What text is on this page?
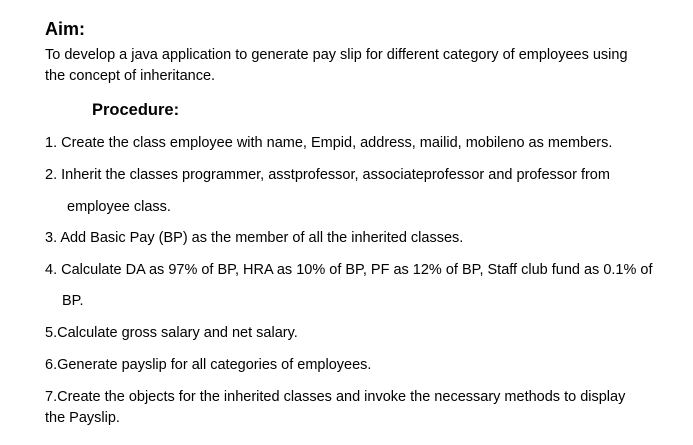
Aim:
To develop a java application to generate pay slip for different category of employees using
the concept of inheritance.
Procedure:
1. Create the class employee with name, Empid, address, mailid, mobileno as members.
2. Inherit the classes programmer, asstprofessor, associateprofessor and professor from
employee class.
3. Add Basic Pay (BP) as the member of all the inherited classes.
4. Calculate DA as 97% of BP, HRA as 10% of BP, PF as 12% of BP, Staff club fund as 0.1% of
BP.
5.Calculate gross salary and net salary.
6.Generate payslip for all categories of employees.
7.Create the objects for the inherited classes and invoke the necessary methods to display
the Payslip.
